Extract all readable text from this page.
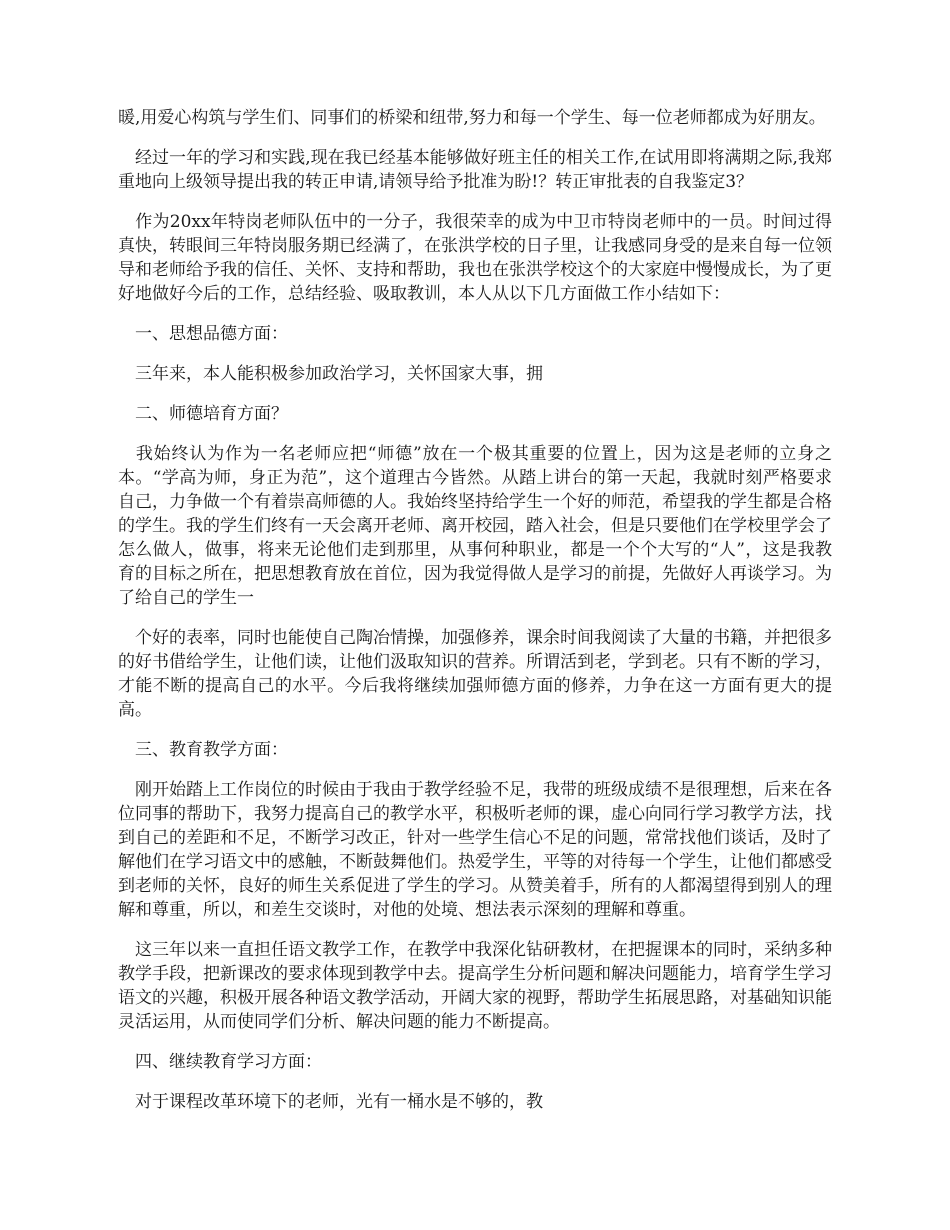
暖,用爱心构筑与学生们、同事们的桥梁和纽带,努力和每一个学生、每一位老师都成为好朋友。

　经过一年的学习和实践,现在我已经基本能够做好班主任的相关工作,在试用即将满期之际,我郑重地向上级领导提出我的转正申请,请领导给予批准为盼!？转正审批表的自我鉴定3？

　作为20xx年特岗老师队伍中的一分子，我很荣幸的成为中卫市特岗老师中的一员。时间过得真快，转眼间三年特岗服务期已经满了，在张洪学校的日子里，让我感同身受的是来自每一位领导和老师给予我的信任、关怀、支持和帮助，我也在张洪学校这个的大家庭中慢慢成长，为了更好地做好今后的工作，总结经验、吸取教训，本人从以下几方面做工作小结如下：

　一、思想品德方面：

　三年来，本人能积极参加政治学习，关怀国家大事，拥

　二、师德培育方面？

　我始终认为作为一名老师应把“师德”放在一个极其重要的位置上，因为这是老师的立身之本。“学高为师，身正为范”，这个道理古今皆然。从踏上讲台的第一天起，我就时刻严格要求自己，力争做一个有着崇高师德的人。我始终坚持给学生一个好的师范，希望我的学生都是合格的学生。我的学生们终有一天会离开老师、离开校园，踏入社会，但是只要他们在学校里学会了怎么做人，做事，将来无论他们走到那里，从事何种职业，都是一个个大写的“人”，这是我教育的目标之所在，把思想教育放在首位，因为我觉得做人是学习的前提，先做好人再谈学习。为了给自己的学生一

　个好的表率，同时也能使自己陶冶情操，加强修养，课余时间我阅读了大量的书籍，并把很多的好书借给学生，让他们读，让他们汲取知识的营养。所谓活到老，学到老。只有不断的学习，才能不断的提高自己的水平。今后我将继续加强师德方面的修养，力争在这一方面有更大的提高。

　三、教育教学方面：

　刚开始踏上工作岗位的时候由于我由于教学经验不足，我带的班级成绩不是很理想，后来在各位同事的帮助下，我努力提高自己的教学水平，积极听老师的课，虚心向同行学习教学方法，找到自己的差距和不足，不断学习改正，针对一些学生信心不足的问题，常常找他们谈话，及时了解他们在学习语文中的感触，不断鼓舞他们。热爱学生，平等的对待每一个学生，让他们都感受到老师的关怀，良好的师生关系促进了学生的学习。从赞美着手，所有的人都渴望得到别人的理解和尊重，所以，和差生交谈时，对他的处境、想法表示深刻的理解和尊重。

　这三年以来一直担任语文教学工作，在教学中我深化钻研教材，在把握课本的同时，采纳多种教学手段，把新课改的要求体现到教学中去。提高学生分析问题和解决问题能力，培育学生学习语文的兴趣，积极开展各种语文教学活动，开阔大家的视野，帮助学生拓展思路，对基础知识能灵活运用，从而使同学们分析、解决问题的能力不断提高。

　四、继续教育学习方面：

　对于课程改革环境下的老师，光有一桶水是不够的，教
